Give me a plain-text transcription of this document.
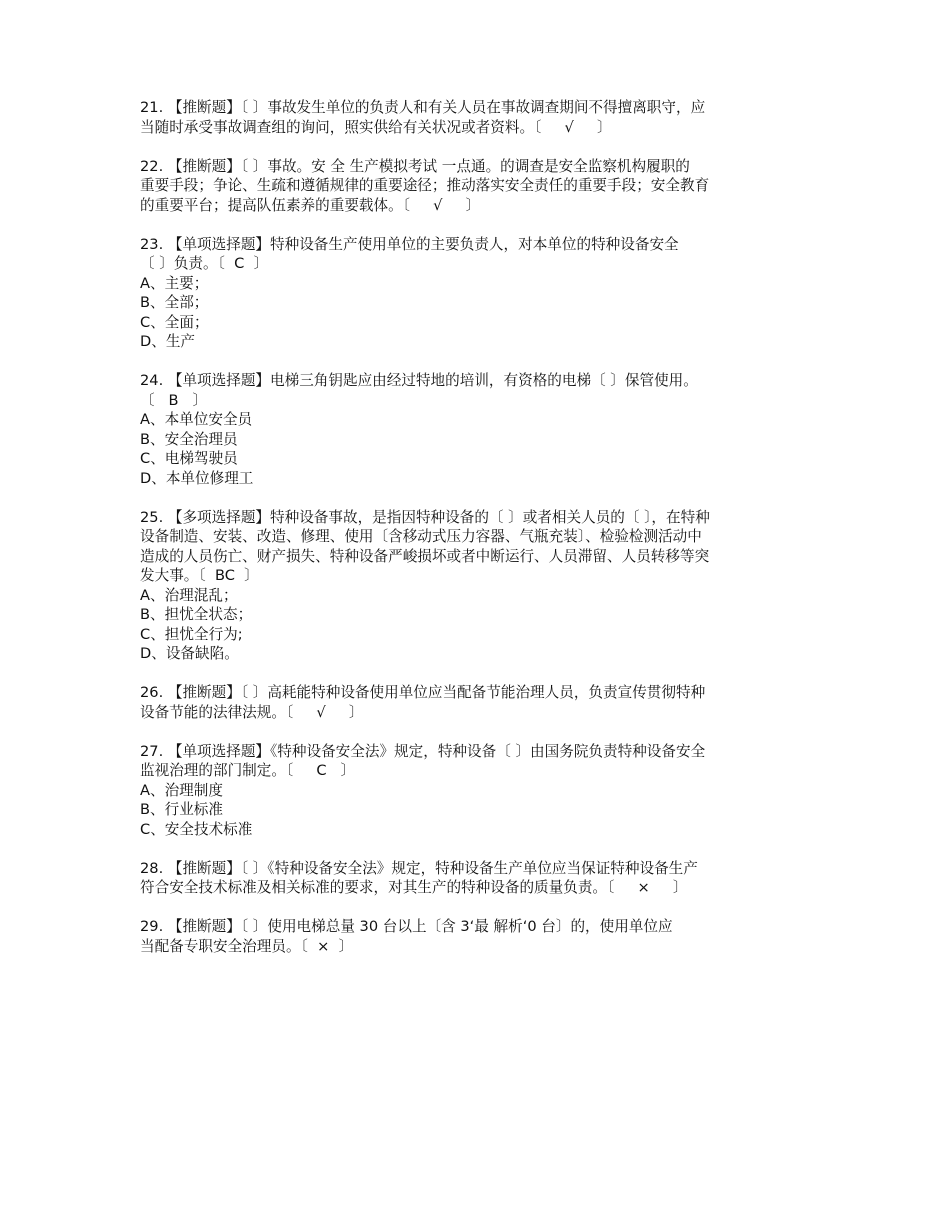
21. 【推断题】〔 〕事故发生单位的负责人和有关人员在事故调查期间不得擅离职守，应
当随时承受事故调查组的询问，照实供给有关状况或者资料。〔     √     〕
22. 【推断题】〔 〕事故。安 全 生产模拟考试 一点通。的调查是安全监察机构履职的
重要手段；争论、生疏和遵循规律的重要途径；推动落实安全责任的重要手段；安全教育
的重要平台；提高队伍素养的重要载体。〔     √     〕
23. 【单项选择题】特种设备生产使用单位的主要负责人，对本单位的特种设备安全
〔 〕负责。〔  C  〕
A、主要；
B、全部；
C、全面；
D、生产
24. 【单项选择题】电梯三角钥匙应由经过特地的培训，有资格的电梯〔 〕保管使用。
〔   B   〕
A、本单位安全员
B、安全治理员
C、电梯驾驶员
D、本单位修理工
25. 【多项选择题】特种设备事故，是指因特种设备的〔 〕或者相关人员的〔 〕，在特种
设备制造、安装、改造、修理、使用〔含移动式压力容器、气瓶充装〕、检验检测活动中
造成的人员伤亡、财产损失、特种设备严峻损坏或者中断运行、人员滞留、人员转移等突
发大事。〔  BC  〕
A、治理混乱；
B、担忧全状态；
C、担忧全行为;
D、设备缺陷。
26. 【推断题】〔 〕高耗能特种设备使用单位应当配备节能治理人员，负责宣传贯彻特种
设备节能的法律法规。〔     √     〕
27. 【单项选择题】《特种设备安全法》规定，特种设备〔 〕由国务院负责特种设备安全
监视治理的部门制定。〔     C   〕
A、治理制度
B、行业标准
C、安全技术标准
28. 【推断题】〔 〕《特种设备安全法》规定，特种设备生产单位应当保证特种设备生产
符合安全技术标准及相关标准的要求，对其生产的特种设备的质量负责。〔     ×     〕
29. 【推断题】〔 〕使用电梯总量 30 台以上〔含 3‘最 解析‘0 台〕的，使用单位应
当配备专职安全治理员。〔  ×  〕
